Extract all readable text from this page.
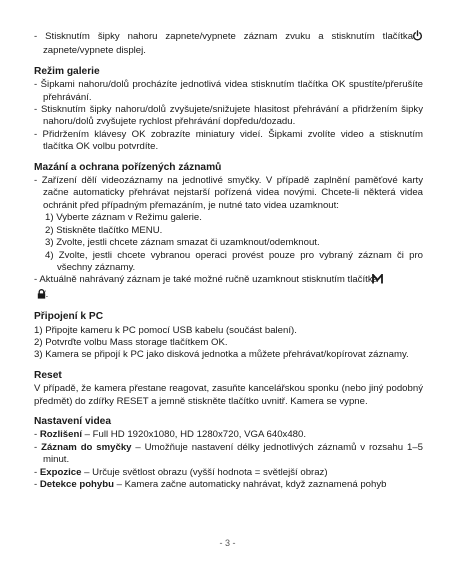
- Stisknutím šipky nahoru zapnete/vypnete záznam zvuku a stisknutím tlačítka  zapnete/vypnete displej.

Režim galerie

- Šipkami nahoru/dolů procházíte jednotlivá videa stisknutím tlačítka OK spustíte/přerušíte přehrávání.

- Stisknutím šipky nahoru/dolů zvyšujete/snižujete hlasitost přehrávání a přidržením šipky nahoru/dolů zvyšujete rychlost přehrávání dopředu/dozadu.

- Přidržením klávesy OK zobrazíte miniatury videí. Šipkami zvolíte video a stisknutím tlačítka OK volbu potvrdíte.

Mazání a ochrana pořízených záznamů

- Zařízení dělí videozáznamy na jednotlivé smyčky. V případě zaplnění paměťové karty začne automaticky přehrávat nejstarší pořízená videa novými. Chcete-li některá videa ochránit před případným přemazáním, je nutné tato videa uzamknout:

1) Vyberte záznam v Režimu galerie.

2) Stiskněte tlačítko MENU.

3) Zvolte, jestli chcete záznam smazat či uzamknout/odemknout.

4) Zvolte, jestli chcete vybranou operaci provést pouze pro vybraný záznam či pro všechny záznamy.

- Aktuálně nahrávaný záznam je také možné ručně uzamknout stisknutím tlačítka
.

Připojení k PC

1) Připojte kameru k PC pomocí USB kabelu (součást balení).

2) Potvrďte volbu Mass storage tlačítkem OK.

3) Kamera se připojí k PC jako disková jednotka a můžete přehrávat/kopírovat záznamy.

Reset

V případě, že kamera přestane reagovat, zasuňte kancelářskou sponku (nebo jiný podobný předmět) do zdířky RESET a jemně stiskněte tlačítko uvnitř. Kamera se vypne.

Nastavení videa

- Rozlišení – Full HD 1920x1080, HD 1280x720, VGA 640x480.

- Záznam do smyčky – Umožňuje nastavení délky jednotlivých záznamů v rozsahu 1–5 minut.

- Expozice – Určuje světlost obrazu (vyšší hodnota = světlejší obraz)

- Detekce pohybu – Kamera začne automaticky nahrávat, když zaznamená pohyb

- 3 -
